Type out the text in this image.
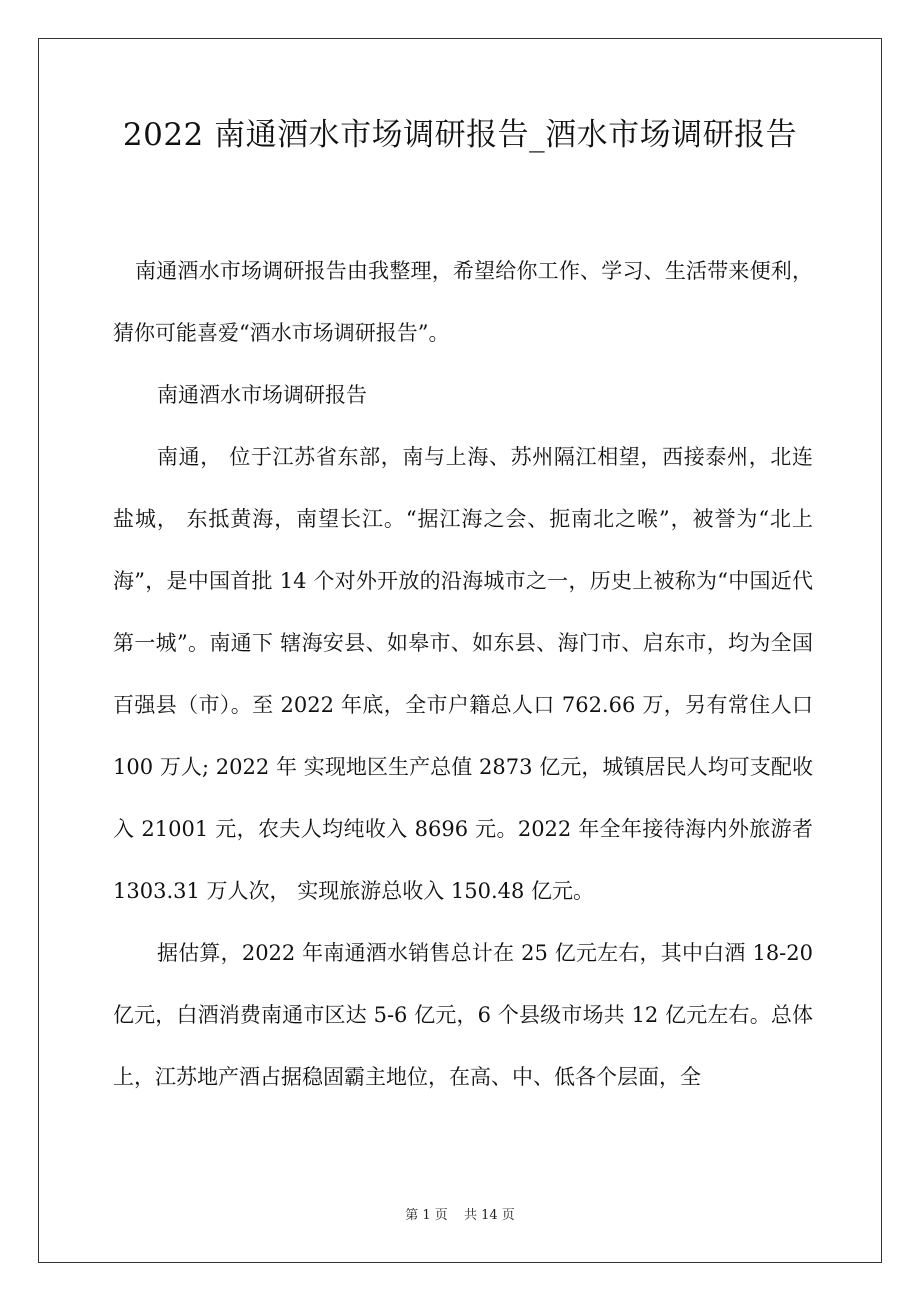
2022 南通酒水市场调研报告_酒水市场调研报告

南通酒水市场调研报告由我整理，希望给你工作、学习、生活带来便利，猜你可能喜爱“酒水市场调研报告”。

南通酒水市场调研报告

南通， 位于江苏省东部，南与上海、苏州隔江相望，西接泰州，北连盐城， 东抵黄海，南望长江。“据江海之会、扼南北之喉”，被誉为“北上海”，是中国首批 14 个对外开放的沿海城市之一，历史上被称为“中国近代第一城”。南通下 辖海安县、如皋市、如东县、海门市、启东市，均为全国百强县（市）。至 2022 年底，全市户籍总人口 762.66 万，另有常住人口 100 万人; 2022 年 实现地区生产总值 2873 亿元，城镇居民人均可支配收入 21001 元，农夫人均纯收入 8696 元。2022 年全年接待海内外旅游者 1303.31 万人次， 实现旅游总收入 150.48 亿元。

据估算，2022 年南通酒水销售总计在 25 亿元左右，其中白酒 18-20 亿元，白酒消费南通市区达 5-6 亿元，6 个县级市场共 12 亿元左右。总体上，江苏地产酒占据稳固霸主地位，在高、中、低各个层面，全

第 1 页 共 14 页
